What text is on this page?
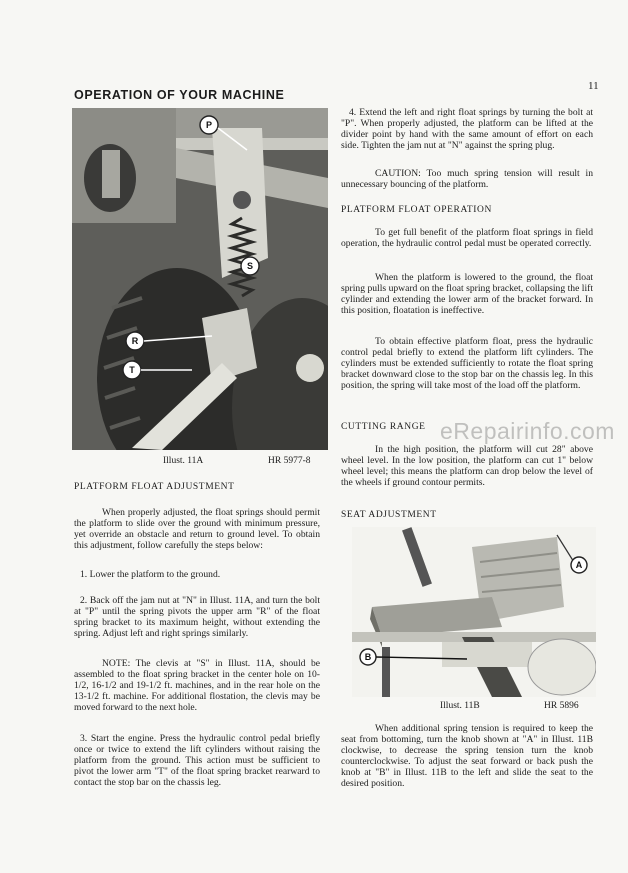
11
OPERATION OF YOUR MACHINE
P
S
R
T
Illust. 11A	HR 5977-8
PLATFORM FLOAT ADJUSTMENT

When properly adjusted, the float springs should permit the platform to slide over the ground with minimum pressure, yet override an obstacle and return to ground level. To obtain this adjustment, follow carefully the steps below:

1. Lower the platform to the ground.

2. Back off the jam nut at "N" in Illust. 11A, and turn the bolt at "P" until the spring pivots the upper arm "R" of the float spring bracket to its maximum height, without extending the spring. Adjust left and right springs similarly.

NOTE: The clevis at "S" in Illust. 11A, should be assembled to the float spring bracket in the center hole on 10-1/2, 16-1/2 and 19-1/2 ft. machines, and in the rear hole on the 13-1/2 ft. machine. For additional flostation, the clevis may be moved forward to the next hole.

3. Start the engine. Press the hydraulic control pedal briefly once or twice to extend the lift cylinders without raising the platform from the ground. This action must be sufficient to pivot the lower arm "T" of the float spring bracket rearward to contact the stop bar on the chassis leg.

4. Extend the left and right float springs by turning the bolt at "P". When properly adjusted, the platform can be lifted at the divider point by hand with the same amount of effort on each side. Tighten the jam nut at "N" against the spring plug.

CAUTION: Too much spring tension will result in unnecessary bouncing of the platform.

PLATFORM FLOAT OPERATION

To get full benefit of the platform float springs in field operation, the hydraulic control pedal must be operated correctly.

When the platform is lowered to the ground, the float spring pulls upward on the float spring bracket, collapsing the lift cylinder and extending the lower arm of the bracket forward. In this position, floatation is ineffective.

To obtain effective platform float, press the hydraulic control pedal briefly to extend the platform lift cylinders. The cylinders must be extended sufficiently to rotate the float spring bracket downward close to the stop bar on the chassis leg. In this position, the spring will take most of the load off the platform.

CUTTING RANGE

In the high position, the platform will cut 28" above wheel level. In the low position, the platform can cut 1" below wheel level; this means the platform can drop below the level of the wheels if ground contour permits.

eRepairinfo.com
SEAT ADJUSTMENT
A
B
Illust. 11B	HR 5896

When additional spring tension is required to keep the seat from bottoming, turn the knob shown at "A" in Illust. 11B clockwise, to decrease the spring tension turn the knob counterclockwise. To adjust the seat forward or back push the knob at "B" in Illust. 11B to the left and slide the seat to the desired position.
